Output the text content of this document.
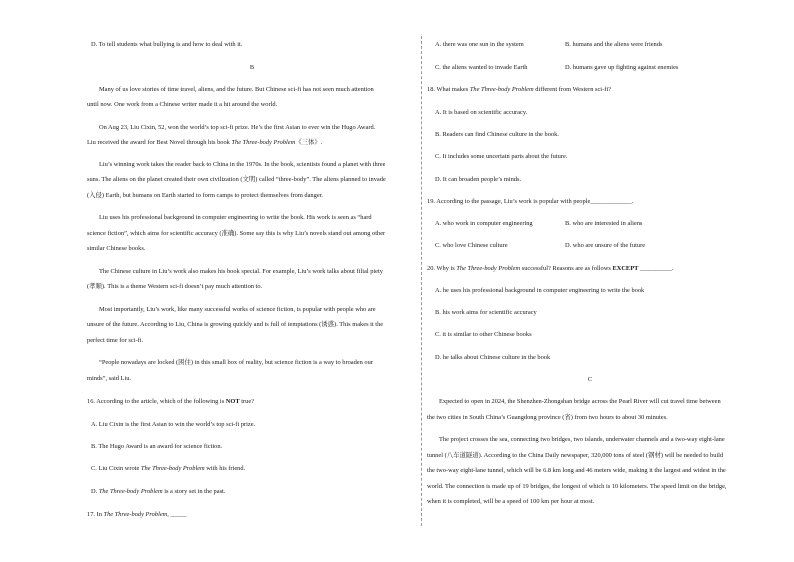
D. To tell students what bullying is and how to deal with it.
B
Many of us love stories of time travel, aliens, and the future. But Chinese sci-fi has not seen much attention
until now. One work from a Chinese writer made it a hit around the world.
On Aug 23, Liu Cixin, 52, won the world’s top sci-fi prize. He’s the first Asian to ever win the Hugo Award.
Liu received the award for Best Novel through his book The Three-body Problem《三体》.
Liu’s winning work takes the reader back to China in the 1970s. In the book, scientists found a planet with three
suns. The aliens on the planet created their own civilization (文明) called “three-body”. The aliens planned to invade
(入侵) Earth, but humans on Earth started to form camps to protect themselves from danger.
Liu uses his professional background in computer engineering to write the book. His work is seen as “hard
science fiction”, which aims for scientific accuracy (准确). Some say this is why Liu’s novels stand out among other
similar Chinese books.
The Chinese culture in Liu’s work also makes his book special. For example, Liu’s work talks about filial piety
(孝顺). This is a theme Western sci-fi doesn’t pay much attention to.
Most importantly, Liu’s work, like many successful works of science fiction, is popular with people who are
unsure of the future. According to Liu, China is growing quickly and is full of temptations (诱惑). This makes it the
perfect time for sci-fi.
“People nowadays are locked (困住) in this small box of reality, but science fiction is a way to broaden our
minds”, said Liu.
16. According to the article, which of the following is NOT true?
A. Liu Cixin is the first Asian to win the world’s top sci-fi prize.
B. The Hugo Award is an award for science fiction.
C. Liu Cixin wrote The Three-body Problem with his friend.
D. The Three-body Problem is a story set in the past.
17. In The Three-body Problem, _____
A. there was one sun in the system	B. humans and the aliens were friends
C. the aliens wanted to invade Earth	D. humans gave up fighting against enemies
18. What makes The Three-body Problem different from Western sci-fi?
A. It is based on scientific accuracy.
B. Readers can find Chinese culture in the book.
C. It includes some uncertain parts about the future.
D. It can broaden people’s minds.
19. According to the passage, Liu’s work is popular with people_____________.
A. who work in computer engineering	B. who are interested in aliens
C. who love Chinese culture	D. who are unsure of the future
20. Why is The Three-body Problem successful? Reasons are as follows EXCEPT __________.
A. he uses his professional background in computer engineering to write the book
B. his work aims for scientific accuracy
C. it is similar to other Chinese books
D. he talks about Chinese culture in the book
C
Expected to open in 2024, the Shenzhen-Zhongshan bridge across the Pearl River will cut travel time between
the two cities in South China’s Guangdong province (省) from two hours to about 30 minutes.
The project crosses the sea, connecting two bridges, two islands, underwater channels and a two-way eight-lane
tunnel (八车道隧道). According to the China Daily newspaper, 320,000 tons of steel (钢材) will be needed to build
the two-way eight-lane tunnel, which will be 6.8 km long and 46 meters wide, making it the largest and widest in the
world. The connection is made up of 19 bridges, the longest of which is 10 kilometers. The speed limit on the bridge,
when it is completed, will be a speed of 100 km per hour at most.
